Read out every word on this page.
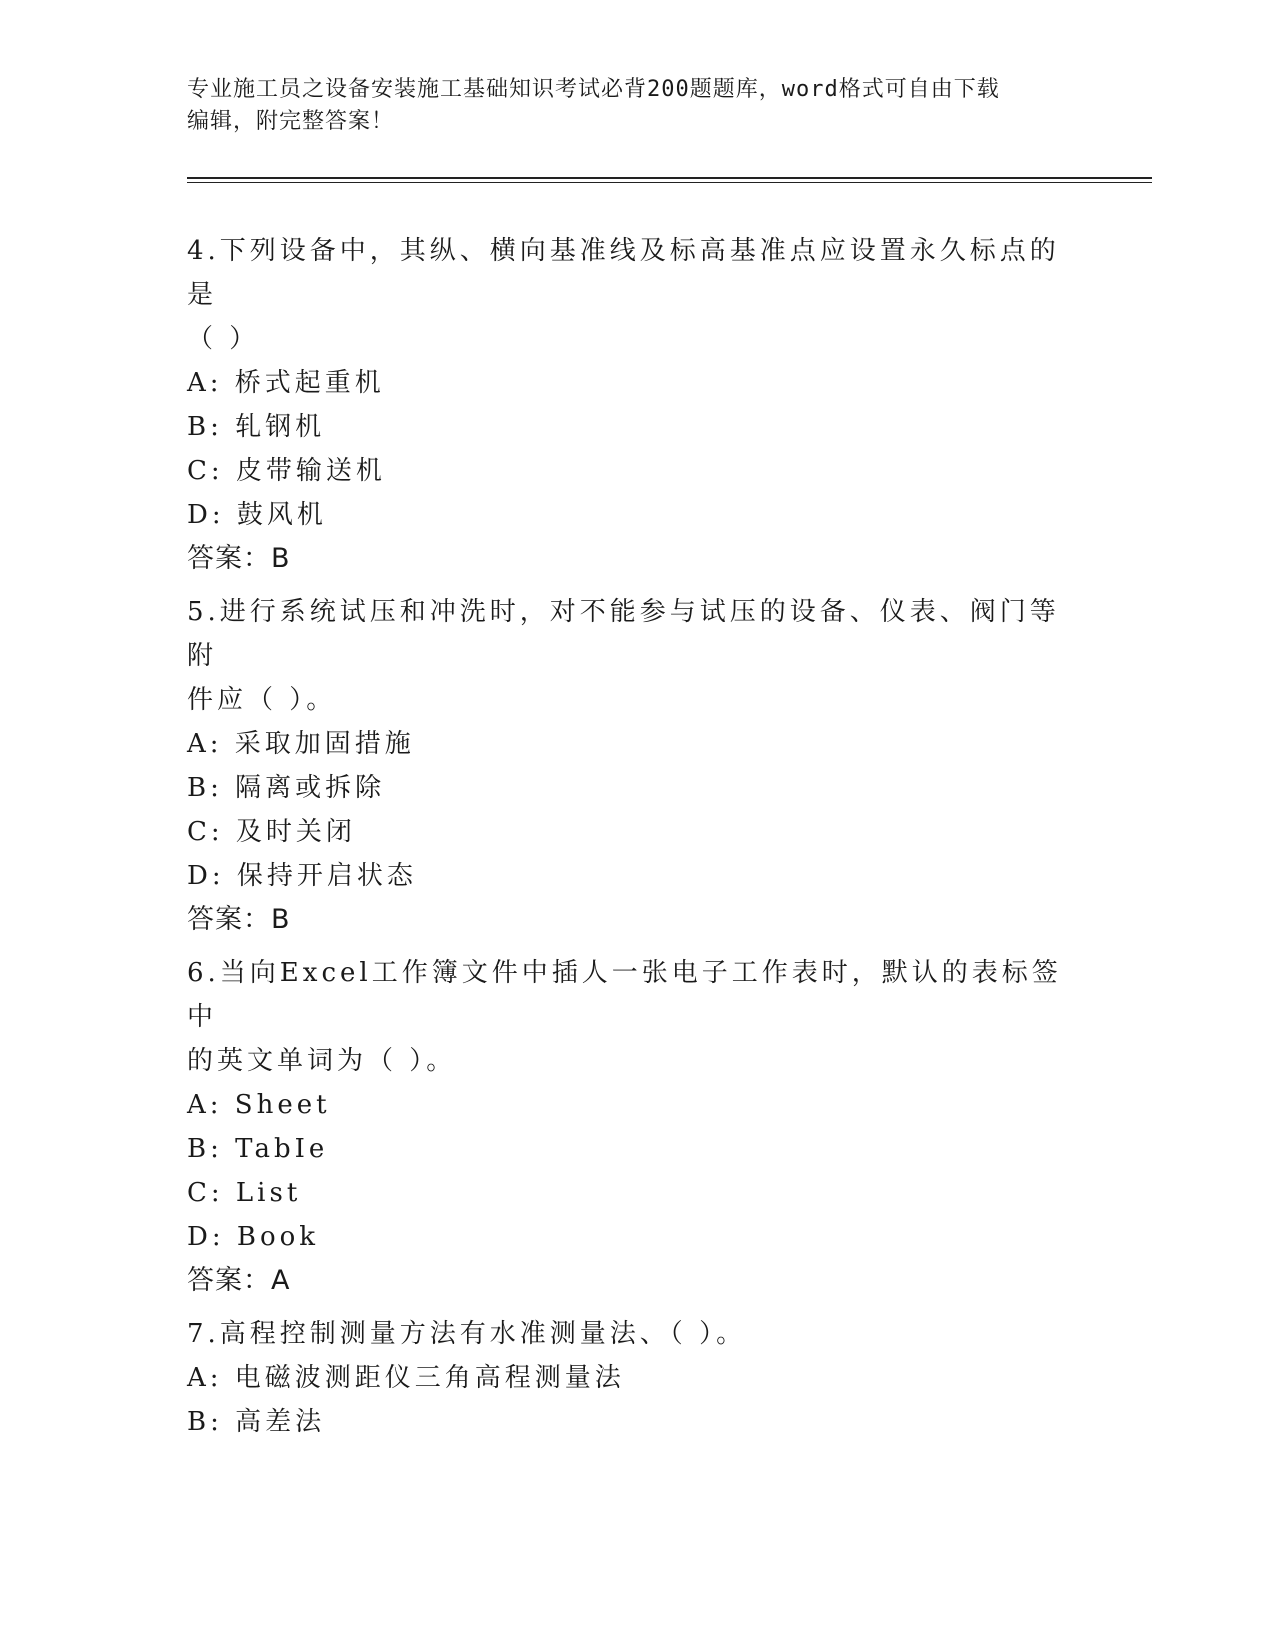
专业施工员之设备安装施工基础知识考试必背200题题库，word格式可自由下载
编辑，附完整答案！

4.下列设备中，其纵、横向基准线及标高基准点应设置永久标点的是

（ ）

A: 桥式起重机

B: 轧钢机

C: 皮带输送机

D: 鼓风机

答案：B

5.进行系统试压和冲洗时，对不能参与试压的设备、仪表、阀门等附

件应（ ）。

A: 采取加固措施

B: 隔离或拆除

C: 及时关闭

D: 保持开启状态

答案：B

6.当向Excel工作簿文件中插人一张电子工作表时，默认的表标签中

的英文单词为（ ）。

A: Sheet

B: TabIe

C: List

D: Book

答案：A

7.高程控制测量方法有水准测量法、（ ）。

A: 电磁波测距仪三角高程测量法

B: 高差法
